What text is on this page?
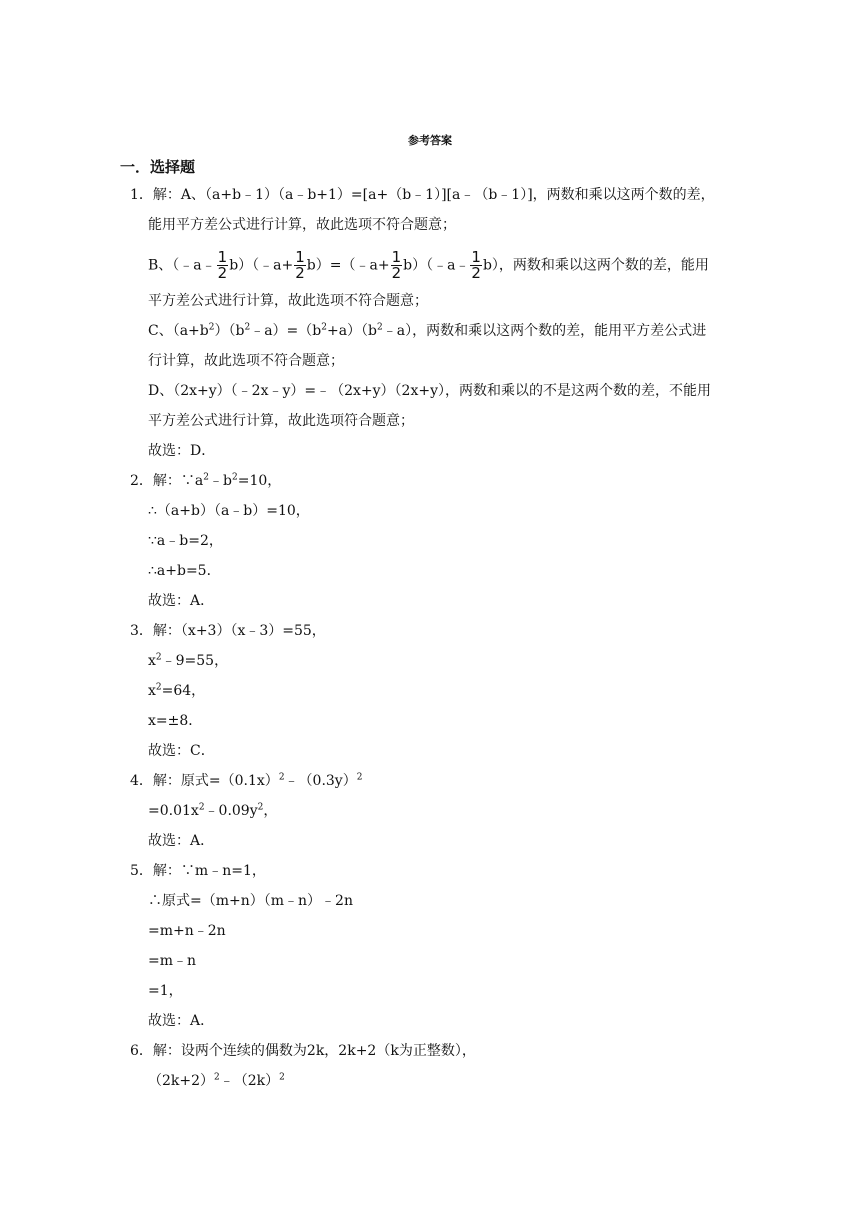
参考答案
一．选择题
1．解：A、（a+b﹣1）（a﹣b+1）=[a+（b﹣1）][a﹣（b﹣1）]，两数和乘以这两个数的差，
能用平方差公式进行计算，故此选项不符合题意；
B、（﹣a﹣ $\frac{1}{2}$ b）（﹣a+ $\frac{1}{2}$ b）=（﹣a+ $\frac{1}{2}$ b）（﹣a﹣ $\frac{1}{2} b$），两数和乘以这两个数的差，能用
平方差公式进行计算，故此选项不符合题意；
C、$(a+b^2)(b^2﹣a)=(b^2+a)(b^2﹣a)$，两数和乘以这两个数的差，能用平方差公式进
行计算，故此选项不符合题意；
D、（2x+y）（﹣2x﹣y）=﹣（2x+y）（2x+y），两数和乘以的不是这两个数的差，不能用
平方差公式进行计算，故此选项符合题意；
故选：D．
2．解：$\because a^2﹣b^2=10$，
∴（a+b）（a﹣b）=10，
∵a﹣b=2，
∴a+b=5．
故选：A．
3．解：（x+3）（x﹣3）=55，
$x^2﹣9=55$，
$x^2=64$，
x=±8．
故选：C．
4．解：原式$=(0.1x)^2﹣(0.3y)^2$
$=0.01x^2﹣0.09y^2$，
故选：A．
5．解：∵m﹣n=1，
∴原式=（m+n）（m﹣n）﹣2n
=m+n﹣2n
=m﹣n
=1，
故选：A．
6．解：设两个连续的偶数为2k，2k+2（k为正整数），
$(2k+2)^2﹣(2k)^2$
